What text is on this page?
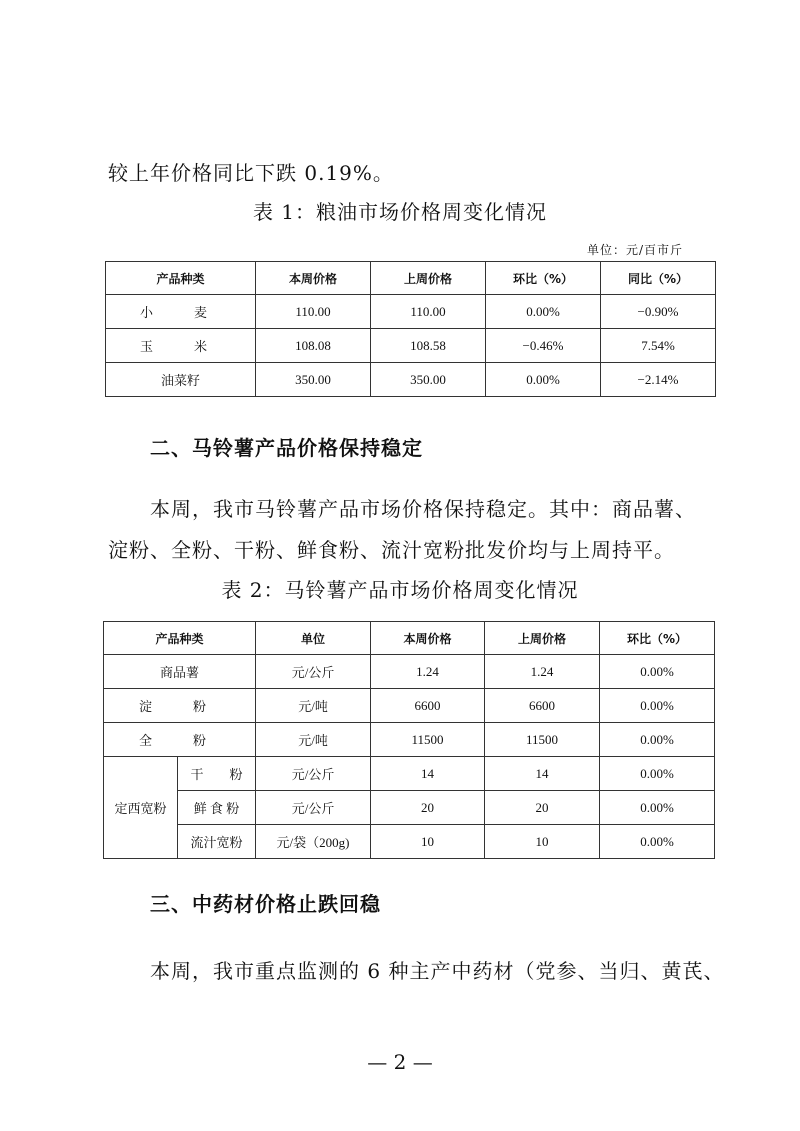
较上年价格同比下跌 0.19%。
表 1：粮油市场价格周变化情况
单位：元/百市斤
产品种类	本周价格	上周价格	环比（%）	同比（%）
小　麦	110.00	110.00	0.00%	−0.90%
玉　米	108.08	108.58	−0.46%	7.54%
油菜籽	350.00	350.00	0.00%	−2.14%
二、马铃薯产品价格保持稳定
本周，我市马铃薯产品市场价格保持稳定。其中：商品薯、
淀粉、全粉、干粉、鲜食粉、流汁宽粉批发价均与上周持平。
表 2：马铃薯产品市场价格周变化情况
产品种类		单位	本周价格	上周价格	环比（%）
商品薯		元/公斤	1.24	1.24	0.00%
淀　粉		元/吨	6600	6600	0.00%
全　粉		元/吨	11500	11500	0.00%
定西宽粉	干　　粉	元/公斤	14	14	0.00%
	鲜 食 粉	元/公斤	20	20	0.00%
	流汁宽粉	元/袋（200g)	10	10	0.00%
三、中药材价格止跌回稳
本周，我市重点监测的 6 种主产中药材（党参、当归、黄芪、
— 2 —
